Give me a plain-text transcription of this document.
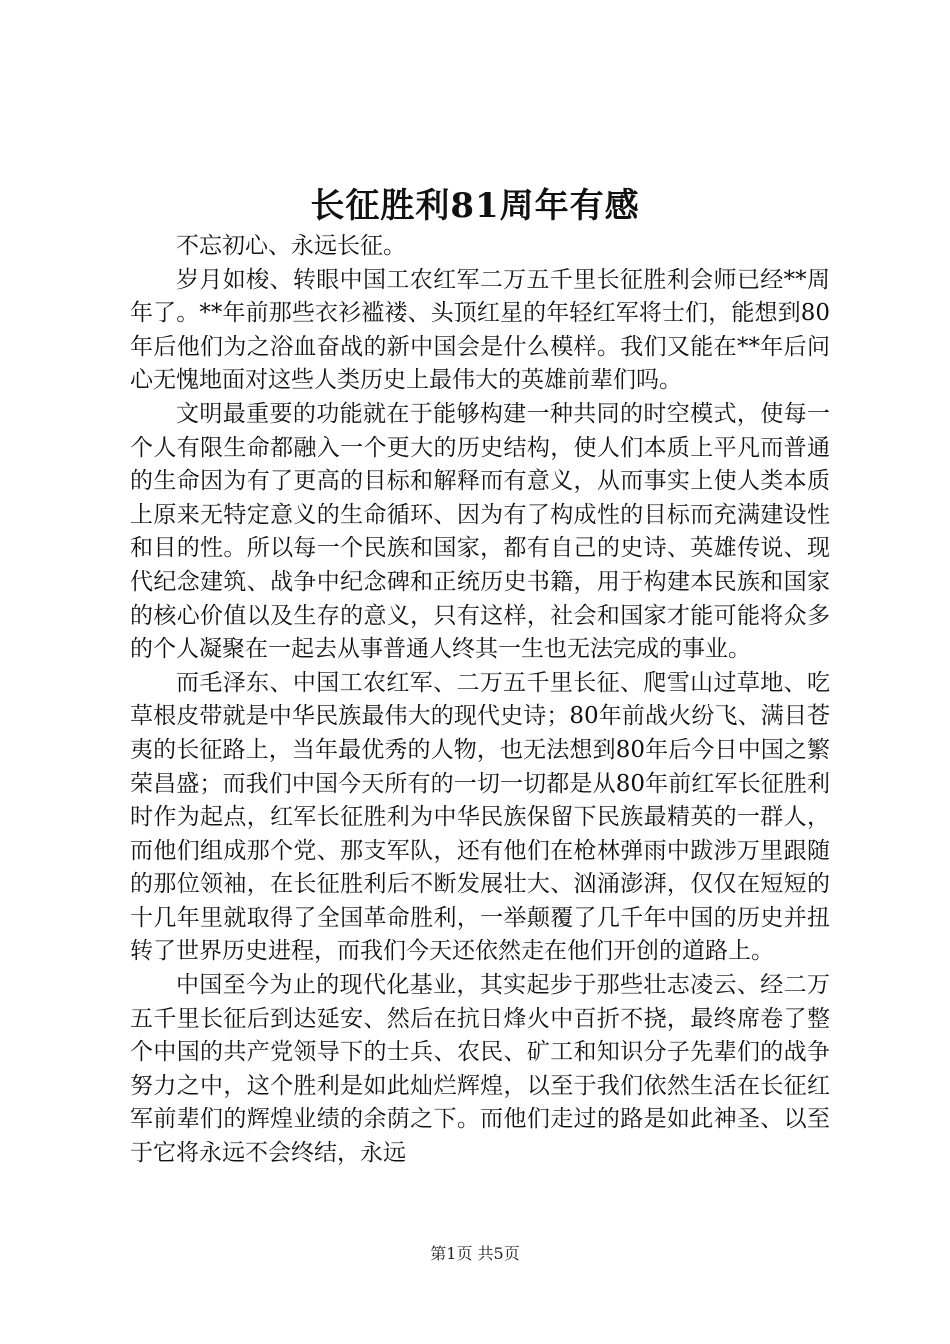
长征胜利81周年有感

不忘初心、永远长征。

岁月如梭、转眼中国工农红军二万五千里长征胜利会师已经**周年了。**年前那些衣衫褴褛、头顶红星的年轻红军将士们，能想到80年后他们为之浴血奋战的新中国会是什么模样。我们又能在**年后问心无愧地面对这些人类历史上最伟大的英雄前辈们吗。

文明最重要的功能就在于能够构建一种共同的时空模式，使每一个人有限生命都融入一个更大的历史结构，使人们本质上平凡而普通的生命因为有了更高的目标和解释而有意义，从而事实上使人类本质上原来无特定意义的生命循环、因为有了构成性的目标而充满建设性和目的性。所以每一个民族和国家，都有自己的史诗、英雄传说、现代纪念建筑、战争中纪念碑和正统历史书籍，用于构建本民族和国家的核心价值以及生存的意义，只有这样，社会和国家才能可能将众多的个人凝聚在一起去从事普通人终其一生也无法完成的事业。

而毛泽东、中国工农红军、二万五千里长征、爬雪山过草地、吃草根皮带就是中华民族最伟大的现代史诗；80年前战火纷飞、满目苍夷的长征路上，当年最优秀的人物，也无法想到80年后今日中国之繁荣昌盛；而我们中国今天所有的一切一切都是从80年前红军长征胜利时作为起点，红军长征胜利为中华民族保留下民族最精英的一群人，而他们组成那个党、那支军队，还有他们在枪林弹雨中跋涉万里跟随的那位领袖，在长征胜利后不断发展壮大、汹涌澎湃，仅仅在短短的十几年里就取得了全国革命胜利，一举颠覆了几千年中国的历史并扭转了世界历史进程，而我们今天还依然走在他们开创的道路上。

中国至今为止的现代化基业，其实起步于那些壮志凌云、经二万五千里长征后到达延安、然后在抗日烽火中百折不挠，最终席卷了整个中国的共产党领导下的士兵、农民、矿工和知识分子先辈们的战争努力之中，这个胜利是如此灿烂辉煌，以至于我们依然生活在长征红军前辈们的辉煌业绩的余荫之下。而他们走过的路是如此神圣、以至于它将永远不会终结，永远

第1页 共5页
